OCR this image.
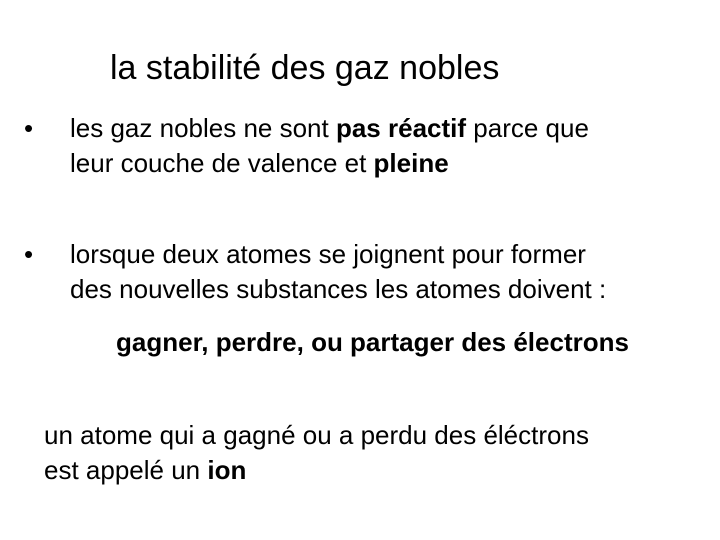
la stabilité des gaz nobles
•	les gaz nobles ne sont pas réactif parce que
leur couche de valence et pleine
•	lorsque deux atomes se joignent pour former
des nouvelles substances les atomes doivent :
gagner, perdre, ou partager des électrons
un atome qui a gagné ou a perdu des éléctrons
est appelé un ion
